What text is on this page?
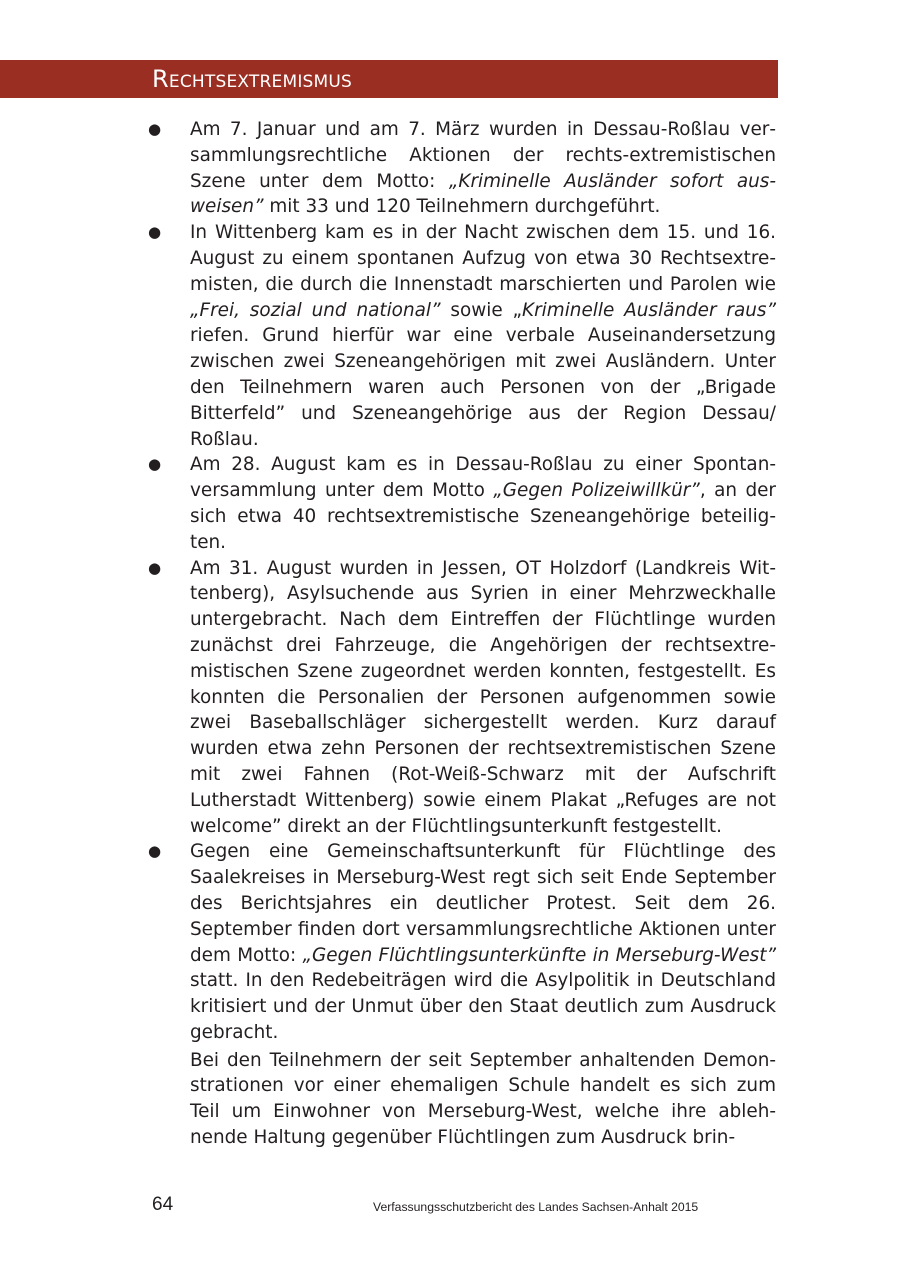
Rechtsextremismus
● Am 7. Januar und am 7. März wurden in Dessau-Roßlau versammlungsrechtliche Aktionen der rechts-extremistischen Szene unter dem Motto: „Kriminelle Ausländer sofort ausweisen” mit 33 und 120 Teilnehmern durchgeführt.

● In Wittenberg kam es in der Nacht zwischen dem 15. und 16. August zu einem spontanen Aufzug von etwa 30 Rechtsextremisten, die durch die Innenstadt marschierten und Parolen wie „Frei, sozial und national” sowie „Kriminelle Ausländer raus” riefen. Grund hierfür war eine verbale Auseinandersetzung zwischen zwei Szeneangehörigen mit zwei Ausländern. Unter den Teilnehmern waren auch Personen von der „Brigade Bitterfeld” und Szeneangehörige aus der Region Dessau/ Roßlau.

● Am 28. August kam es in Dessau-Roßlau zu einer Spontanversammlung unter dem Motto „Gegen Polizeiwillkür”, an der sich etwa 40 rechtsextremistische Szeneangehörige beteiligten.

● Am 31. August wurden in Jessen, OT Holzdorf (Landkreis Wittenberg), Asylsuchende aus Syrien in einer Mehrzweckhalle untergebracht. Nach dem Eintreffen der Flüchtlinge wurden zunächst drei Fahrzeuge, die Angehörigen der rechtsextremistischen Szene zugeordnet werden konnten, festgestellt. Es konnten die Personalien der Personen aufgenommen sowie zwei Baseballschläger sichergestellt werden. Kurz darauf wurden etwa zehn Personen der rechtsextremistischen Szene mit zwei Fahnen (Rot-Weiß-Schwarz mit der Aufschrift Lutherstadt Wittenberg) sowie einem Plakat „Refuges are not welcome” direkt an der Flüchtlingsunterkunft festgestellt.

● Gegen eine Gemeinschaftsunterkunft für Flüchtlinge des Saalekreises in Merseburg-West regt sich seit Ende September des Berichtsjahres ein deutlicher Protest. Seit dem 26. September finden dort versammlungsrechtliche Aktionen unter dem Motto: „Gegen Flüchtlingsunterkünfte in Merseburg-West” statt. In den Redebeiträgen wird die Asylpolitik in Deutschland kritisiert und der Unmut über den Staat deutlich zum Ausdruck gebracht.

Bei den Teilnehmern der seit September anhaltenden Demonstrationen vor einer ehemaligen Schule handelt es sich zum Teil um Einwohner von Merseburg-West, welche ihre ablehnende Haltung gegenüber Flüchtlingen zum Ausdruck brin-

64	Verfassungsschutzbericht des Landes Sachsen-Anhalt 2015
